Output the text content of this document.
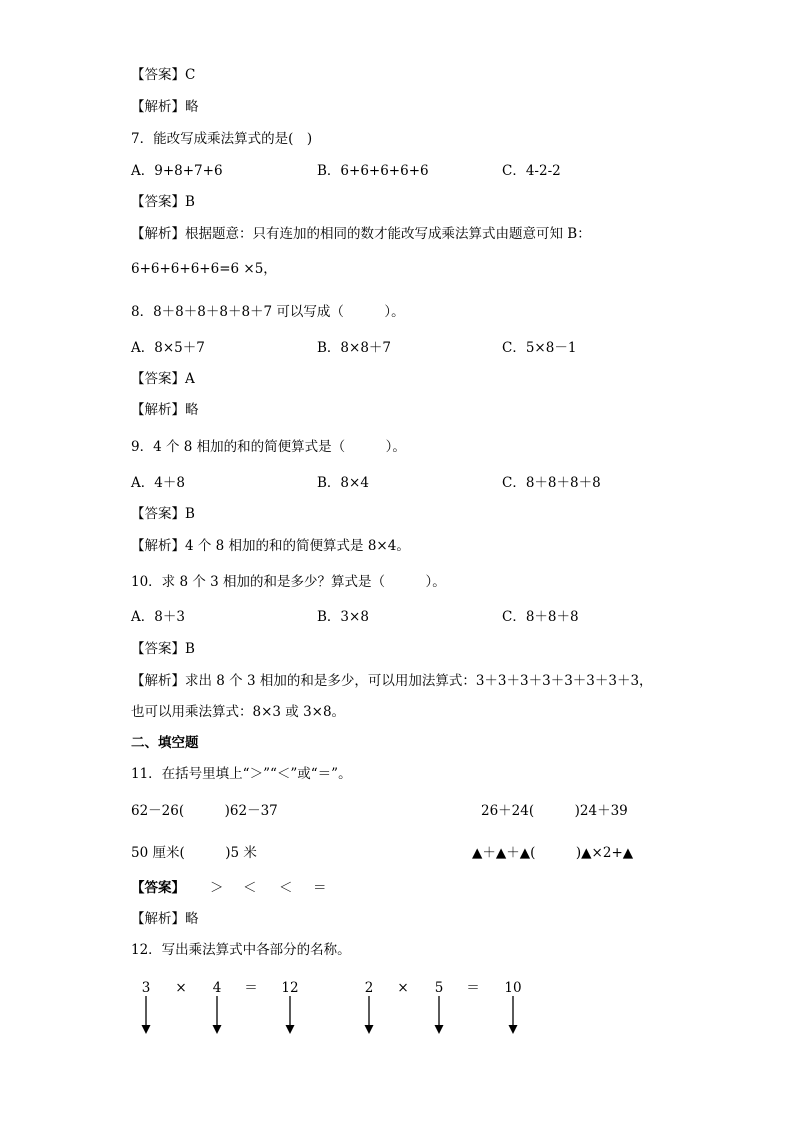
【答案】C
【解析】略
7．能改写成乘法算式的是(　)
A．9+8+7+6	B．6+6+6+6+6	C．4-2-2
【答案】B
【解析】根据题意：只有连加的相同的数才能改写成乘法算式由题意可知 B：
6+6+6+6+6=6 ×5，
8．8＋8＋8＋8＋8＋7 可以写成（　　　）。
A．8×5＋7	B．8×8＋7	C．5×8－1
【答案】A
【解析】略
9．4 个 8 相加的和的简便算式是（　　　）。
A．4＋8	B．8×4	C．8＋8＋8＋8
【答案】B
【解析】4 个 8 相加的和的简便算式是 8×4。
10．求 8 个 3 相加的和是多少？算式是（　　　）。
A．8＋3	B．3×8	C．8＋8＋8
【答案】B
【解析】求出 8 个 3 相加的和是多少，可以用加法算式：3＋3＋3＋3＋3＋3＋3＋3，
也可以用乘法算式：8×3 或 3×8。
二、填空题
11．在括号里填上“＞”“＜”或“＝”。
62－26(　　　)62－37	26＋24(　　　)24＋39
50 厘米(　　　)5 米	▲＋▲＋▲(　　　)▲×2+▲
【答案】 ＞ ＜ ＜ ＝
【解析】略
12．写出乘法算式中各部分的名称。
3	×	4	＝	12	2	×	5	＝	10
